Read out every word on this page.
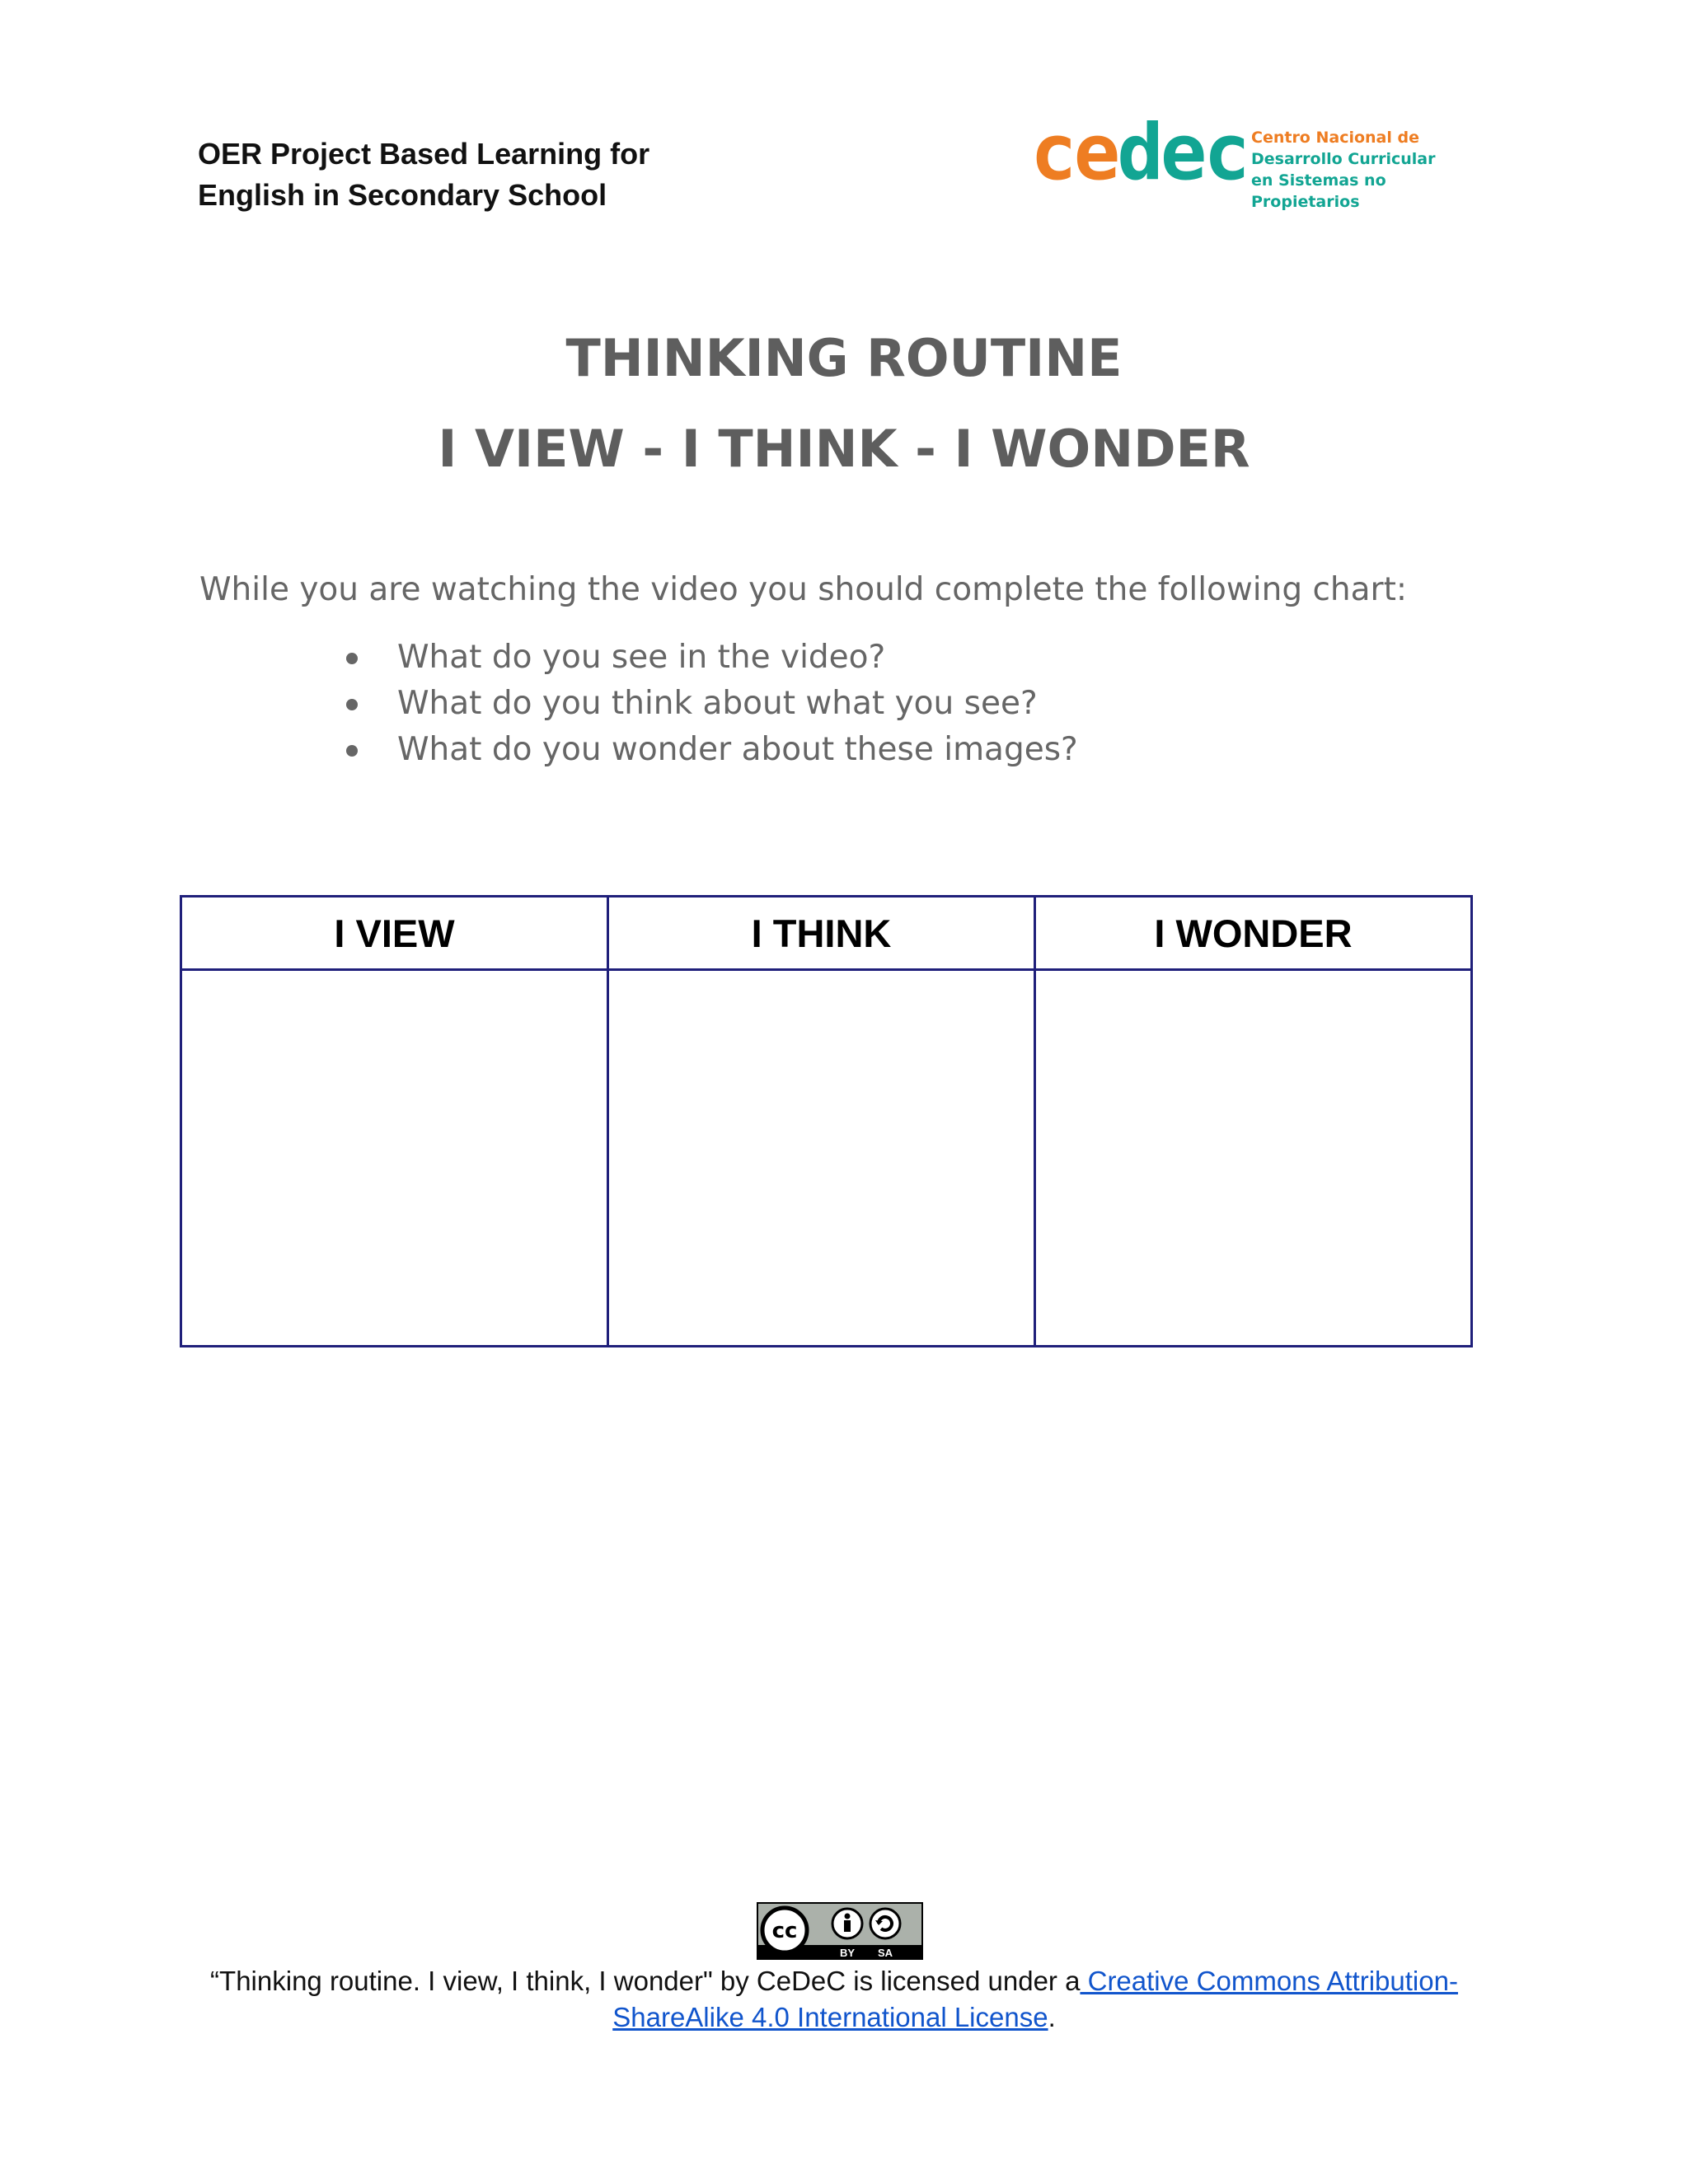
OER Project Based Learning for
English in Secondary School	cedec Centro Nacional de
Desarrollo Curricular
en Sistemas no Propietarios
THINKING ROUTINE
I VIEW - I THINK - I WONDER
While you are watching the video you should complete the following chart:
What do you see in the video?
What do you think about what you see?
What do you wonder about these images?
I VIEW	I THINK	I WONDER

cc
BY SA
“Thinking routine. I view, I think, I wonder" by CeDeC is licensed under a Creative Commons Attribution-ShareAlike 4.0 International License.
